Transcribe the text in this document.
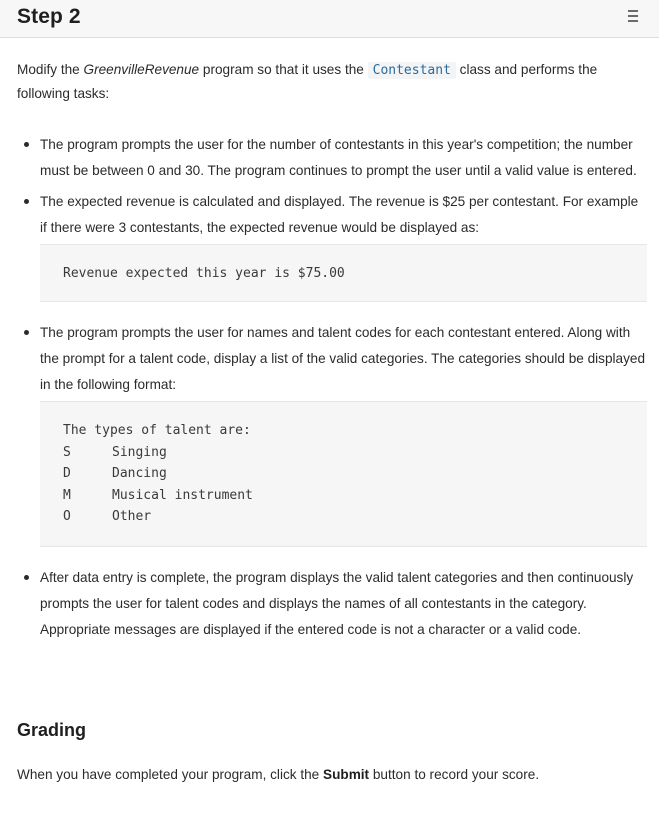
Step 2

Modify the GreenvilleRevenue program so that it uses the Contestant class and performs the following tasks:

The program prompts the user for the number of contestants in this year's competition; the number must be between 0 and 30. The program continues to prompt the user until a valid value is entered.
The expected revenue is calculated and displayed. The revenue is $25 per contestant. For example if there were 3 contestants, the expected revenue would be displayed as:
Revenue expected this year is $75.00
The program prompts the user for names and talent codes for each contestant entered. Along with the prompt for a talent code, display a list of the valid categories. The categories should be displayed in the following format:
The types of talent are:
S	Singing
D	Dancing
M	Musical instrument
O	Other
After data entry is complete, the program displays the valid talent categories and then continuously prompts the user for talent codes and displays the names of all contestants in the category. Appropriate messages are displayed if the entered code is not a character or a valid code.
Grading

When you have completed your program, click the Submit button to record your score.
